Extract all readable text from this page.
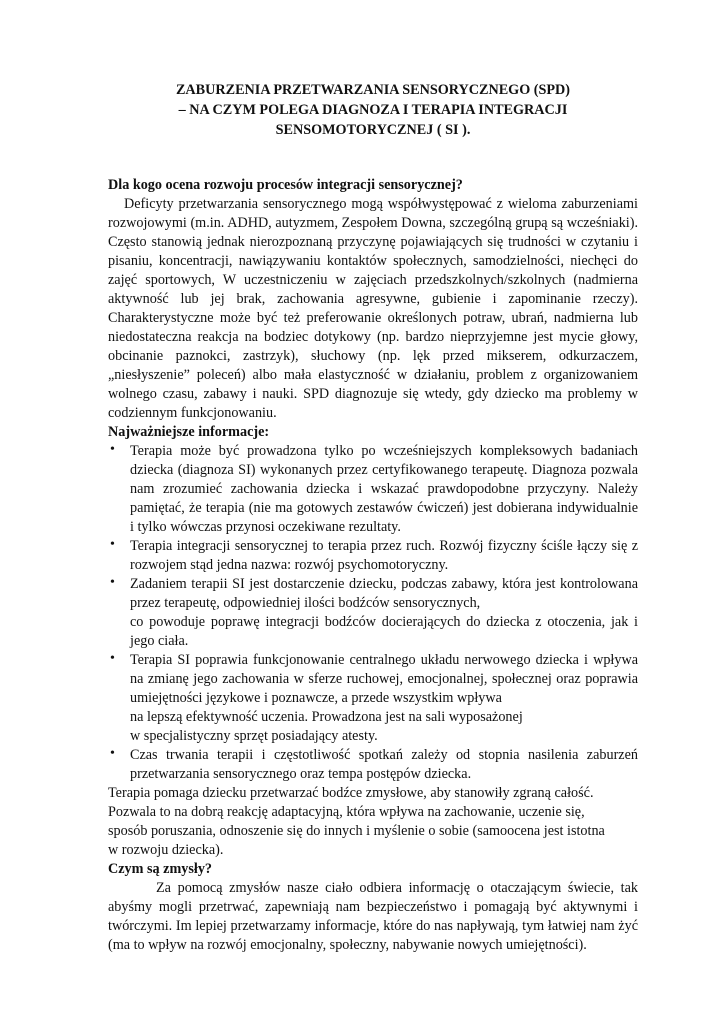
ZABURZENIA PRZETWARZANIA SENSORYCZNEGO (SPD)
– NA CZYM POLEGA DIAGNOZA I TERAPIA INTEGRACJI
SENSOMOTORYCZNEJ ( SI ).
Dla kogo ocena rozwoju procesów integracji sensorycznej?

Deficyty przetwarzania sensorycznego mogą współwystępować z wieloma zaburzeniami rozwojowymi (m.in. ADHD, autyzmem, Zespołem Downa, szczególną grupą są wcześniaki). Często stanowią jednak nierozpoznaną przyczynę pojawiających się trudności w czytaniu i pisaniu, koncentracji, nawiązywaniu kontaktów społecznych, samodzielności, niechęci do zajęć sportowych, W uczestniczeniu w zajęciach przedszkolnych/szkolnych (nadmierna aktywność lub jej brak, zachowania agresywne, gubienie i zapominanie rzeczy). Charakterystyczne może być też preferowanie określonych potraw, ubrań, nadmierna lub niedostateczna reakcja na bodziec dotykowy (np. bardzo nieprzyjemne jest mycie głowy, obcinanie paznokci, zastrzyk), słuchowy (np. lęk przed mikserem, odkurzaczem, „niesłyszenie” poleceń) albo mała elastyczność w działaniu, problem z organizowaniem wolnego czasu, zabawy i nauki. SPD diagnozuje się wtedy, gdy dziecko ma problemy w codziennym funkcjonowaniu.

Najważniejsze informacje:
• Terapia może być prowadzona tylko po wcześniejszych kompleksowych badaniach dziecka (diagnoza SI) wykonanych przez certyfikowanego terapeutę. Diagnoza pozwala nam zrozumieć zachowania dziecka i wskazać prawdopodobne przyczyny. Należy pamiętać, że terapia (nie ma gotowych zestawów ćwiczeń) jest dobierana indywidualnie i tylko wówczas przynosi oczekiwane rezultaty.
• Terapia integracji sensorycznej to terapia przez ruch. Rozwój fizyczny ściśle łączy się z rozwojem stąd jedna nazwa: rozwój psychomotoryczny.
• Zadaniem terapii SI jest dostarczenie dziecku, podczas zabawy, która jest kontrolowana przez terapeutę, odpowiedniej ilości bodźców sensorycznych,
co powoduje poprawę integracji bodźców docierających do dziecka z otoczenia, jak i jego ciała.
• Terapia SI poprawia funkcjonowanie centralnego układu nerwowego dziecka i wpływa na zmianę jego zachowania w sferze ruchowej, emocjonalnej, społecznej oraz poprawia umiejętności językowe i poznawcze, a przede wszystkim wpływa
na lepszą efektywność uczenia. Prowadzona jest na sali wyposażonej
w specjalistyczny sprzęt posiadający atesty.
• Czas trwania terapii i częstotliwość spotkań zależy od stopnia nasilenia zaburzeń przetwarzania sensorycznego oraz tempa postępów dziecka.

Terapia pomaga dziecku przetwarzać bodźce zmysłowe, aby stanowiły zgraną całość.
Pozwala to na dobrą reakcję adaptacyjną, która wpływa na zachowanie, uczenie się,
sposób poruszania, odnoszenie się do innych i myślenie o sobie (samoocena jest istotna
w rozwoju dziecka).

Czym są zmysły?

Za pomocą zmysłów nasze ciało odbiera informację o otaczającym świecie, tak abyśmy mogli przetrwać, zapewniają nam bezpieczeństwo i pomagają być aktywnymi i twórczymi. Im lepiej przetwarzamy informacje, które do nas napływają, tym łatwiej nam żyć (ma to wpływ na rozwój emocjonalny, społeczny, nabywanie nowych umiejętności).
